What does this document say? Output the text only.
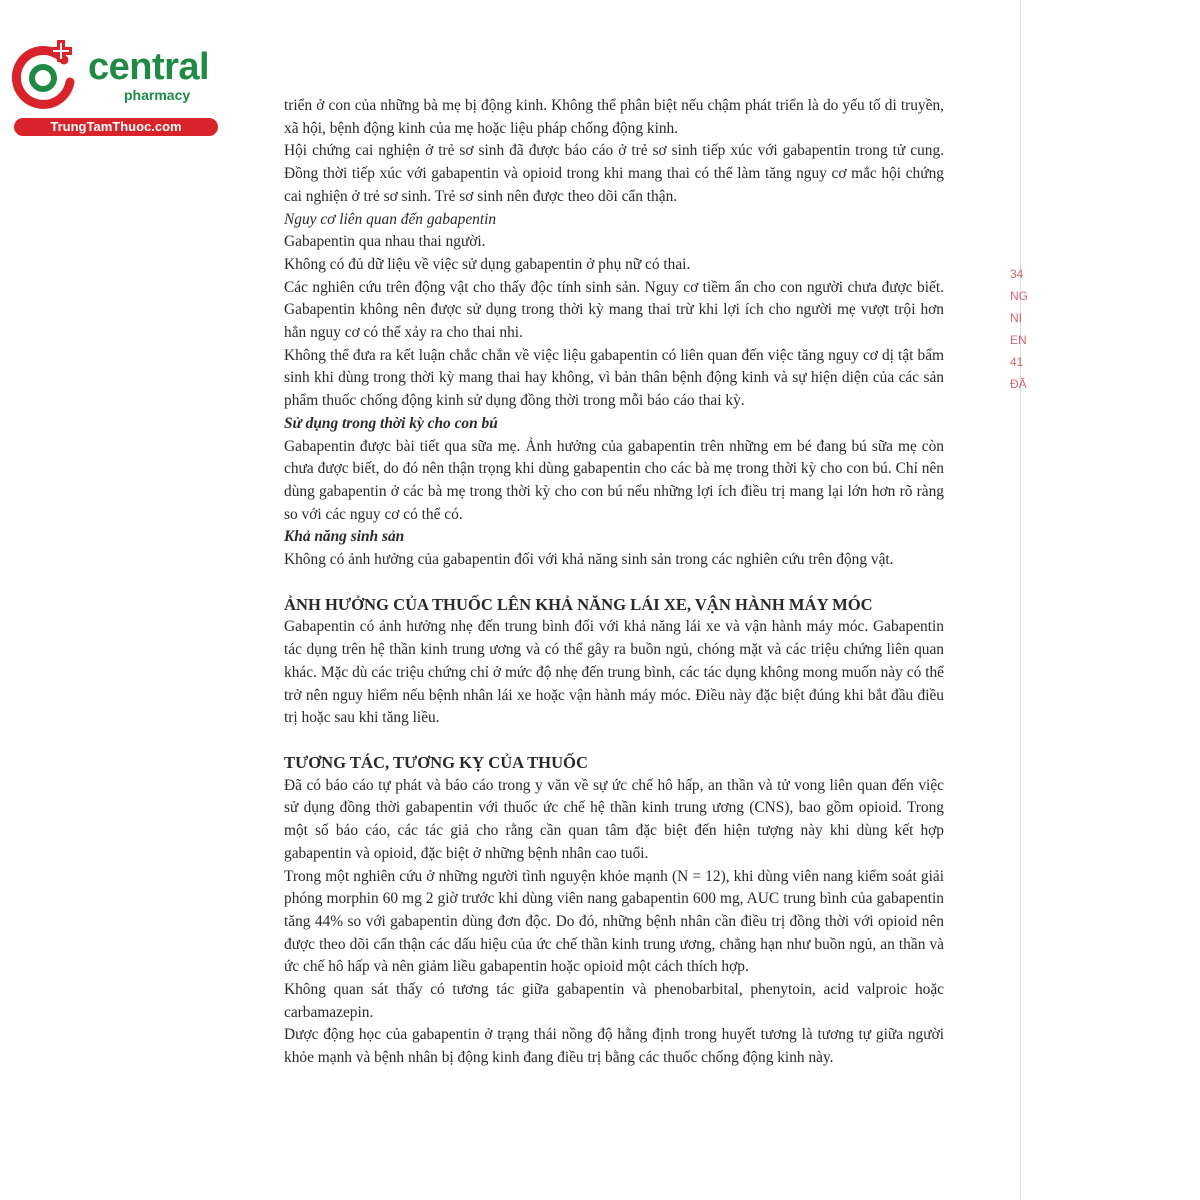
34
NG
NI
EN
41
ĐĂ
central
pharmacy
TrungTamThuoc.com

triển ở con của những bà mẹ bị động kinh. Không thể phân biệt nếu chậm phát triển là do yếu tố di truyền, xã hội, bệnh động kinh của mẹ hoặc liệu pháp chống động kinh.

Hội chứng cai nghiện ở trẻ sơ sinh đã được báo cáo ở trẻ sơ sinh tiếp xúc với gabapentin trong tử cung. Đồng thời tiếp xúc với gabapentin và opioid trong khi mang thai có thể làm tăng nguy cơ mắc hội chứng cai nghiện ở trẻ sơ sinh. Trẻ sơ sinh nên được theo dõi cẩn thận.

Nguy cơ liên quan đến gabapentin

Gabapentin qua nhau thai người.

Không có đủ dữ liệu về việc sử dụng gabapentin ở phụ nữ có thai.

Các nghiên cứu trên động vật cho thấy độc tính sinh sản. Nguy cơ tiềm ẩn cho con người chưa được biết. Gabapentin không nên được sử dụng trong thời kỳ mang thai trừ khi lợi ích cho người mẹ vượt trội hơn hẳn nguy cơ có thể xảy ra cho thai nhi.

Không thể đưa ra kết luận chắc chắn về việc liệu gabapentin có liên quan đến việc tăng nguy cơ dị tật bẩm sinh khi dùng trong thời kỳ mang thai hay không, vì bản thân bệnh động kinh và sự hiện diện của các sản phẩm thuốc chống động kinh sử dụng đồng thời trong mỗi báo cáo thai kỳ.

Sử dụng trong thời kỳ cho con bú

Gabapentin được bài tiết qua sữa mẹ. Ảnh hưởng của gabapentin trên những em bé đang bú sữa mẹ còn chưa được biết, do đó nên thận trọng khi dùng gabapentin cho các bà mẹ trong thời kỳ cho con bú. Chỉ nên dùng gabapentin ở các bà mẹ trong thời kỳ cho con bú nếu những lợi ích điều trị mang lại lớn hơn rõ ràng so với các nguy cơ có thể có.

Khả năng sinh sản

Không có ảnh hưởng của gabapentin đối với khả năng sinh sản trong các nghiên cứu trên động vật.

ẢNH HƯỞNG CỦA THUỐC LÊN KHẢ NĂNG LÁI XE, VẬN HÀNH MÁY MÓC

Gabapentin có ảnh hưởng nhẹ đến trung bình đối với khả năng lái xe và vận hành máy móc. Gabapentin tác dụng trên hệ thần kinh trung ương và có thể gây ra buồn ngủ, chóng mặt và các triệu chứng liên quan khác. Mặc dù các triệu chứng chỉ ở mức độ nhẹ đến trung bình, các tác dụng không mong muốn này có thể trở nên nguy hiểm nếu bệnh nhân lái xe hoặc vận hành máy móc. Điều này đặc biệt đúng khi bắt đầu điều trị hoặc sau khi tăng liều.

TƯƠNG TÁC, TƯƠNG KỴ CỦA THUỐC

Đã có báo cáo tự phát và báo cáo trong y văn về sự ức chế hô hấp, an thần và tử vong liên quan đến việc sử dụng đồng thời gabapentin với thuốc ức chế hệ thần kinh trung ương (CNS), bao gồm opioid. Trong một số báo cáo, các tác giả cho rằng cần quan tâm đặc biệt đến hiện tượng này khi dùng kết hợp gabapentin và opioid, đặc biệt ở những bệnh nhân cao tuổi.

Trong một nghiên cứu ở những người tình nguyện khỏe mạnh (N = 12), khi dùng viên nang kiểm soát giải phóng morphin 60 mg 2 giờ trước khi dùng viên nang gabapentin 600 mg, AUC trung bình của gabapentin tăng 44% so với gabapentin dùng đơn độc. Do đó, những bệnh nhân cần điều trị đồng thời với opioid nên được theo dõi cẩn thận các dấu hiệu của ức chế thần kinh trung ương, chẳng hạn như buồn ngủ, an thần và ức chế hô hấp và nên giảm liều gabapentin hoặc opioid một cách thích hợp.

Không quan sát thấy có tương tác giữa gabapentin và phenobarbital, phenytoin, acid valproic hoặc carbamazepin.

Dược động học của gabapentin ở trạng thái nồng độ hằng định trong huyết tương là tương tự giữa người khỏe mạnh và bệnh nhân bị động kinh đang điều trị bằng các thuốc chống động kinh này.
